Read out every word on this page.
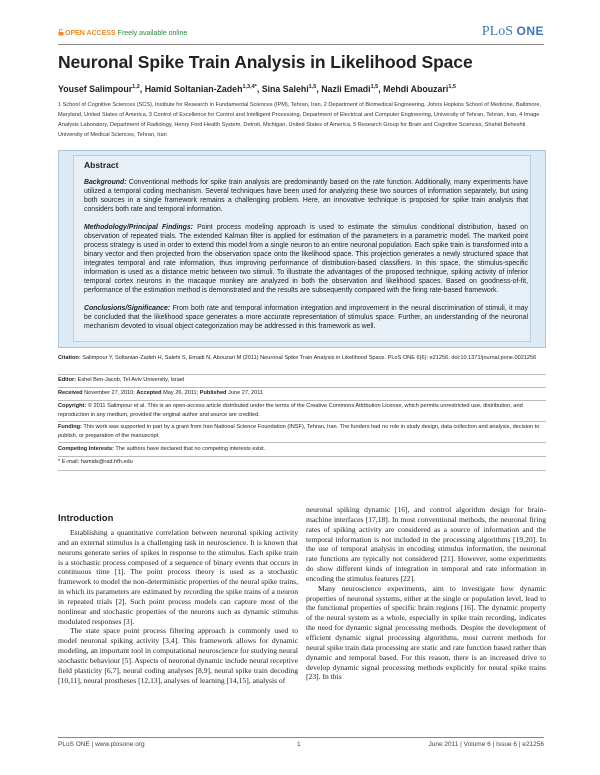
OPEN ACCESS Freely available online	PLoS ONE
Neuronal Spike Train Analysis in Likelihood Space
Yousef Salimpour$^{1,2}$, Hamid Soltanian-Zadeh$^{1,3,4*}$, Sina Salehi$^{1,5}$, Nazli Emadi$^{1,5}$, Mehdi Abouzari$^{1,5}$
1 School of Cognitive Sciences (SCS), Institute for Research in Fundamental Sciences (IPM), Tehran, Iran, 2 Department of Biomedical Engineering, Johns Hopkins School of Medicine, Baltimore, Maryland, United States of America, 3 Control of Excellence for Control and Intelligent Processing, Department of Electrical and Computer Engineering, University of Tehran, Tehran, Iran, 4 Image Analysis Laboratory, Department of Radiology, Henry Ford Health System, Detroit, Michigan, United States of America, 5 Research Group for Brain and Cognitive Sciences, Shahid Beheshti University of Medical Sciences, Tehran, Iran
Abstract
Background: Conventional methods for spike train analysis are predominantly based on the rate function. Additionally, many experiments have utilized a temporal coding mechanism. Several techniques have been used for analyzing these two sources of information separately, but using both sources in a single framework remains a challenging problem. Here, an innovative technique is proposed for spike train analysis that considers both rate and temporal information.
Methodology/Principal Findings: Point process modeling approach is used to estimate the stimulus conditional distribution, based on observation of repeated trials. The extended Kalman filter is applied for estimation of the parameters in a parametric model. The marked point process strategy is used in order to extend this model from a single neuron to an entire neuronal population. Each spike train is transformed into a binary vector and then projected from the observation space onto the likelihood space. This projection generates a newly structured space that integrates temporal and rate information, thus improving performance of distribution-based classifiers. In this space, the stimulus-specific information is used as a distance metric between two stimuli. To illustrate the advantages of the proposed technique, spiking activity of inferior temporal cortex neurons in the macaque monkey are analyzed in both the observation and likelihood spaces. Based on goodness-of-fit, performance of the estimation method is demonstrated and the results are subsequently compared with the firing rate-based framework.
Conclusions/Significance: From both rate and temporal information integration and improvement in the neural discrimination of stimuli, it may be concluded that the likelihood space generates a more accurate representation of stimulus space. Further, an understanding of the neuronal mechanism devoted to visual object categorization may be addressed in this framework as well.
Citation: Salimpour Y, Soltanian-Zadeh H, Salehi S, Emadi N, Abouzari M (2011) Neuronal Spike Train Analysis in Likelihood Space. PLoS ONE 6(6): e21256. doi:10.1371/journal.pone.0021256
Editor: Eshel Ben-Jacob, Tel Aviv University, Israel
Received November 27, 2010; Accepted May 26, 2011; Published June 27, 2011
Copyright: © 2011 Salimpour et al. This is an open-access article distributed under the terms of the Creative Commons Attribution License, which permits unrestricted use, distribution, and reproduction in any medium, provided the original author and source are credited.
Funding: This work was supported in part by a grant from Iran National Science Foundation (INSF), Tehran, Iran. The funders had no role in study design, data collection and analysis, decision to publish, or preparation of the manuscript.
Competing Interests: The authors have declared that no competing interests exist.
* E-mail: hamids@rad.hfh.edu
Introduction

Establishing a quantitative correlation between neuronal spiking activity and an external stimulus is a challenging task in neuroscience. It is known that neurons generate series of spikes in response to the stimulus. Each spike train is a stochastic process composed of a sequence of binary events that occurs in continuous time [1]. The point process theory is used as a stochastic framework to model the non-deterministic properties of the neural spike trains, in which its parameters are estimated by recording the spike trains of a neuron in repeated trials [2]. Such point process models can capture most of the nonlinear and stochastic properties of the neurons such as dynamic stimulus modulated responses [3].

The state space point process filtering approach is commonly used to model neuronal spiking activity [3,4]. This framework allows for dynamic modeling, an important tool in computational neuroscience for studying neural stochastic behaviour [5]. Aspects of neuronal dynamic include neural receptive field plasticity [6,7], neural coding analyses [8,9], neural spike train decoding [10,11], neural prostheses [12,13], analyses of learning [14,15], analysis of

neuronal spiking dynamic [16], and control algorithm design for brain-machine interfaces [17,18]. In most conventional methods, the neuronal firing rates of spiking activity are considered as a source of information and the temporal information is not included in the processing algorithms [19,20]. In the use of temporal analysis in encoding stimulus information, the neuronal rate functions are typically not considered [21]. However, some experiments do show different kinds of integration in temporal and rate information in encoding the stimulus features [22].

Many neuroscience experiments, aim to investigate how dynamic properties of neuronal systems, either at the single or population level, lead to the functional properties of specific brain regions [16]. The dynamic property of the neural system as a whole, especially in spike train recording, indicates the need for dynamic signal processing methods. Despite the development of efficient dynamic signal processing algorithms, most current methods for neural spike train data processing are static and rate function based rather than dynamic and temporal based. For this reason, there is an increased drive to develop dynamic signal processing methods explicitly for neural spike trains [23]. In this

PLoS ONE | www.plosone.org	1	June 2011 | Volume 6 | Issue 6 | e21256
